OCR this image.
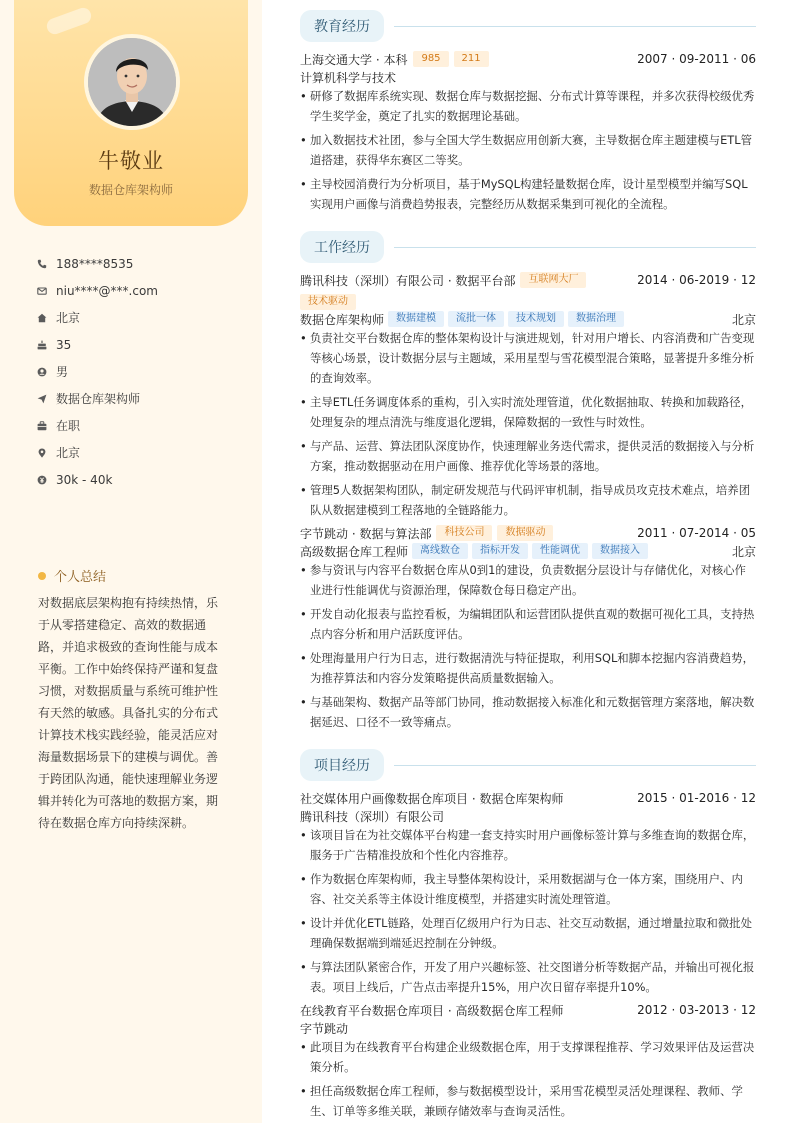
牛敬业
数据仓库架构师
188****8535
niu****@***.com
北京
35
男
数据仓库架构师
在职
北京
30k - 40k
个人总结
对数据底层架构抱有持续热情，乐于从零搭建稳定、高效的数据通路，并追求极致的查询性能与成本平衡。工作中始终保持严谨和复盘习惯，对数据质量与系统可维护性有天然的敏感。具备扎实的分布式计算技术栈实践经验，能灵活应对海量数据场景下的建模与调优。善于跨团队沟通，能快速理解业务逻辑并转化为可落地的数据方案，期待在数据仓库方向持续深耕。
教育经历
上海交通大学 · 本科	985	211	2007 · 09-2011 · 06
计算机科学与技术
• 研修了数据库系统实现、数据仓库与数据挖掘、分布式计算等课程，并多次获得校级优秀学生奖学金，奠定了扎实的数据理论基础。
• 加入数据技术社团，参与全国大学生数据应用创新大赛，主导数据仓库主题建模与ETL管道搭建，获得华东赛区二等奖。
• 主导校园消费行为分析项目，基于MySQL构建轻量数据仓库，设计星型模型并编写SQL实现用户画像与消费趋势报表，完整经历从数据采集到可视化的全流程。
工作经历
腾讯科技（深圳）有限公司 · 数据平台部	互联网大厂	2014 · 06-2019 · 12
技术驱动
数据仓库架构师	数据建模	流批一体	技术规划	数据治理	北京
• 负责社交平台数据仓库的整体架构设计与演进规划，针对用户增长、内容消费和广告变现等核心场景，设计数据分层与主题域，采用星型与雪花模型混合策略，显著提升多维分析的查询效率。
• 主导ETL任务调度体系的重构，引入实时流处理管道，优化数据抽取、转换和加载路径，处理复杂的埋点清洗与维度退化逻辑，保障数据的一致性与时效性。
• 与产品、运营、算法团队深度协作，快速理解业务迭代需求，提供灵活的数据接入与分析方案，推动数据驱动在用户画像、推荐优化等场景的落地。
• 管理5人数据架构团队，制定研发规范与代码评审机制，指导成员攻克技术难点，培养团队从数据建模到工程落地的全链路能力。
字节跳动 · 数据与算法部	科技公司	数据驱动	2011 · 07-2014 · 05
高级数据仓库工程师	离线数仓	指标开发	性能调优	数据接入	北京
• 参与资讯与内容平台数据仓库从0到1的建设，负责数据分层设计与存储优化，对核心作业进行性能调优与资源治理，保障数仓每日稳定产出。
• 开发自动化报表与监控看板，为编辑团队和运营团队提供直观的数据可视化工具，支持热点内容分析和用户活跃度评估。
• 处理海量用户行为日志，进行数据清洗与特征提取，利用SQL和脚本挖掘内容消费趋势，为推荐算法和内容分发策略提供高质量数据输入。
• 与基础架构、数据产品等部门协同，推动数据接入标准化和元数据管理方案落地，解决数据延迟、口径不一致等痛点。
项目经历
社交媒体用户画像数据仓库项目 · 数据仓库架构师	2015 · 01-2016 · 12
腾讯科技（深圳）有限公司
• 该项目旨在为社交媒体平台构建一套支持实时用户画像标签计算与多维查询的数据仓库，服务于广告精准投放和个性化内容推荐。
• 作为数据仓库架构师，我主导整体架构设计，采用数据湖与仓一体方案，围绕用户、内容、社交关系等主体设计维度模型，并搭建实时流处理管道。
• 设计并优化ETL链路，处理百亿级用户行为日志、社交互动数据，通过增量拉取和微批处理确保数据端到端延迟控制在分钟级。
• 与算法团队紧密合作，开发了用户兴趣标签、社交图谱分析等数据产品，并输出可视化报表。项目上线后，广告点击率提升15%，用户次日留存率提升10%。
在线教育平台数据仓库项目 · 高级数据仓库工程师	2012 · 03-2013 · 12
字节跳动
• 此项目为在线教育平台构建企业级数据仓库，用于支撑课程推荐、学习效果评估及运营决策分析。
• 担任高级数据仓库工程师，参与数据模型设计，采用雪花模型灵活处理课程、教师、学生、订单等多维关联，兼顾存储效率与查询灵活性。
